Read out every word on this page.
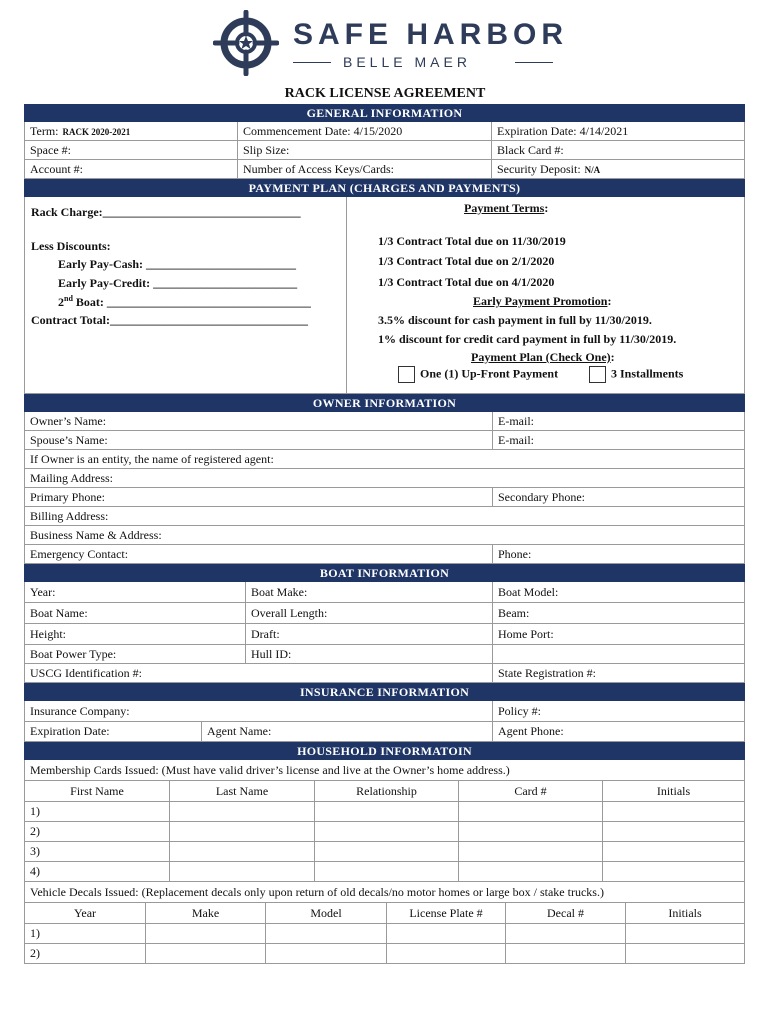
SAFE HARBOR
BELLE MAER
RACK LICENSE AGREEMENT
GENERAL INFORMATION
Term: RACK 2020-2021	Commencement Date: 4/15/2020	Expiration Date: 4/14/2021
Space #:	Slip Size:	Black Card #:
Account #:	Number of Access Keys/Cards:	Security Deposit: N/A
PAYMENT PLAN (CHARGES AND PAYMENTS)
Rack Charge:_________________________________
Less Discounts:
Early Pay-Cash: _________________________
Early Pay-Credit: ________________________
2nd Boat: __________________________________
Contract Total:_________________________________
Payment Terms:
1/3 Contract Total due on 11/30/2019
1/3 Contract Total due on 2/1/2020
1/3 Contract Total due on 4/1/2020
Early Payment Promotion:
3.5% discount for cash payment in full by 11/30/2019.
1% discount for credit card payment in full by 11/30/2019.
Payment Plan (Check One):
One (1) Up-Front Payment	3 Installments
OWNER INFORMATION
Owner’s Name:	E-mail:
Spouse’s Name:	E-mail:
If Owner is an entity, the name of registered agent:
Mailing Address:
Primary Phone:	Secondary Phone:
Billing Address:
Business Name & Address:
Emergency Contact:	Phone:
BOAT INFORMATION
Year:	Boat Make:	Boat Model:
Boat Name:	Overall Length:	Beam:
Height:	Draft:	Home Port:
Boat Power Type:	Hull ID:
USCG Identification #:	State Registration #:
INSURANCE INFORMATION
Insurance Company:	Policy #:
Expiration Date:	Agent Name:	Agent Phone:
HOUSEHOLD INFORMATOIN
Membership Cards Issued: (Must have valid driver’s license and live at the Owner’s home address.)
First Name	Last Name	Relationship	Card #	Initials
1)
2)
3)
4)
Vehicle Decals Issued: (Replacement decals only upon return of old decals/no motor homes or large box / stake trucks.)
Year	Make	Model	License Plate #	Decal #	Initials
1)
2)
